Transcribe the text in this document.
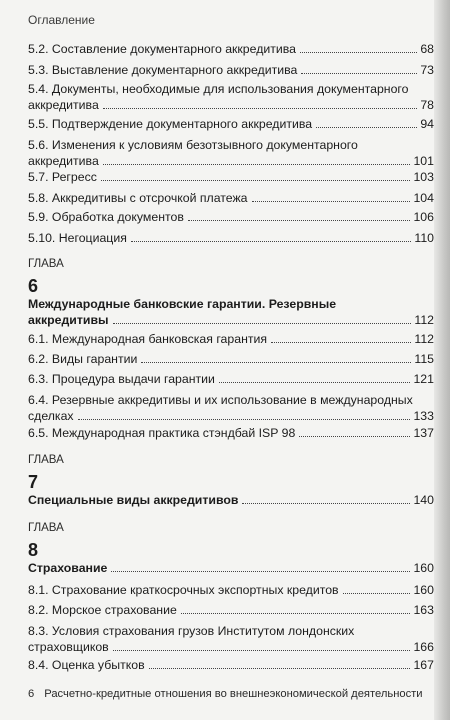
Оглавление
5.2. Составление документарного аккредитива	68
5.3. Выставление документарного аккредитива	73
5.4. Документы, необходимые для использования документарного
аккредитива	78
5.5. Подтверждение документарного аккредитива	94
5.6. Изменения к условиям безотзывного документарного
аккредитива	101
5.7. Регресс	103
5.8. Аккредитивы с отсрочкой платежа	104
5.9. Обработка документов	106
5.10. Негоциация	110
ГЛАВА
6
Международные банковские гарантии. Резервные
аккредитивы	112
6.1. Международная банковская гарантия	112
6.2. Виды гарантии	115
6.3. Процедура выдачи гарантии	121
6.4. Резервные аккредитивы и их использование в международных
сделках	133
6.5. Международная практика стэндбай ISP 98	137
ГЛАВА
7
Специальные виды аккредитивов	140
ГЛАВА
8
Страхование	160
8.1. Страхование краткосрочных экспортных кредитов	160
8.2. Морское страхование	163
8.3. Условия страхования грузов Институтом лондонских
страховщиков	166
8.4. Оценка убытков	167
6 Расчетно-кредитные отношения во внешнеэкономической деятельности
